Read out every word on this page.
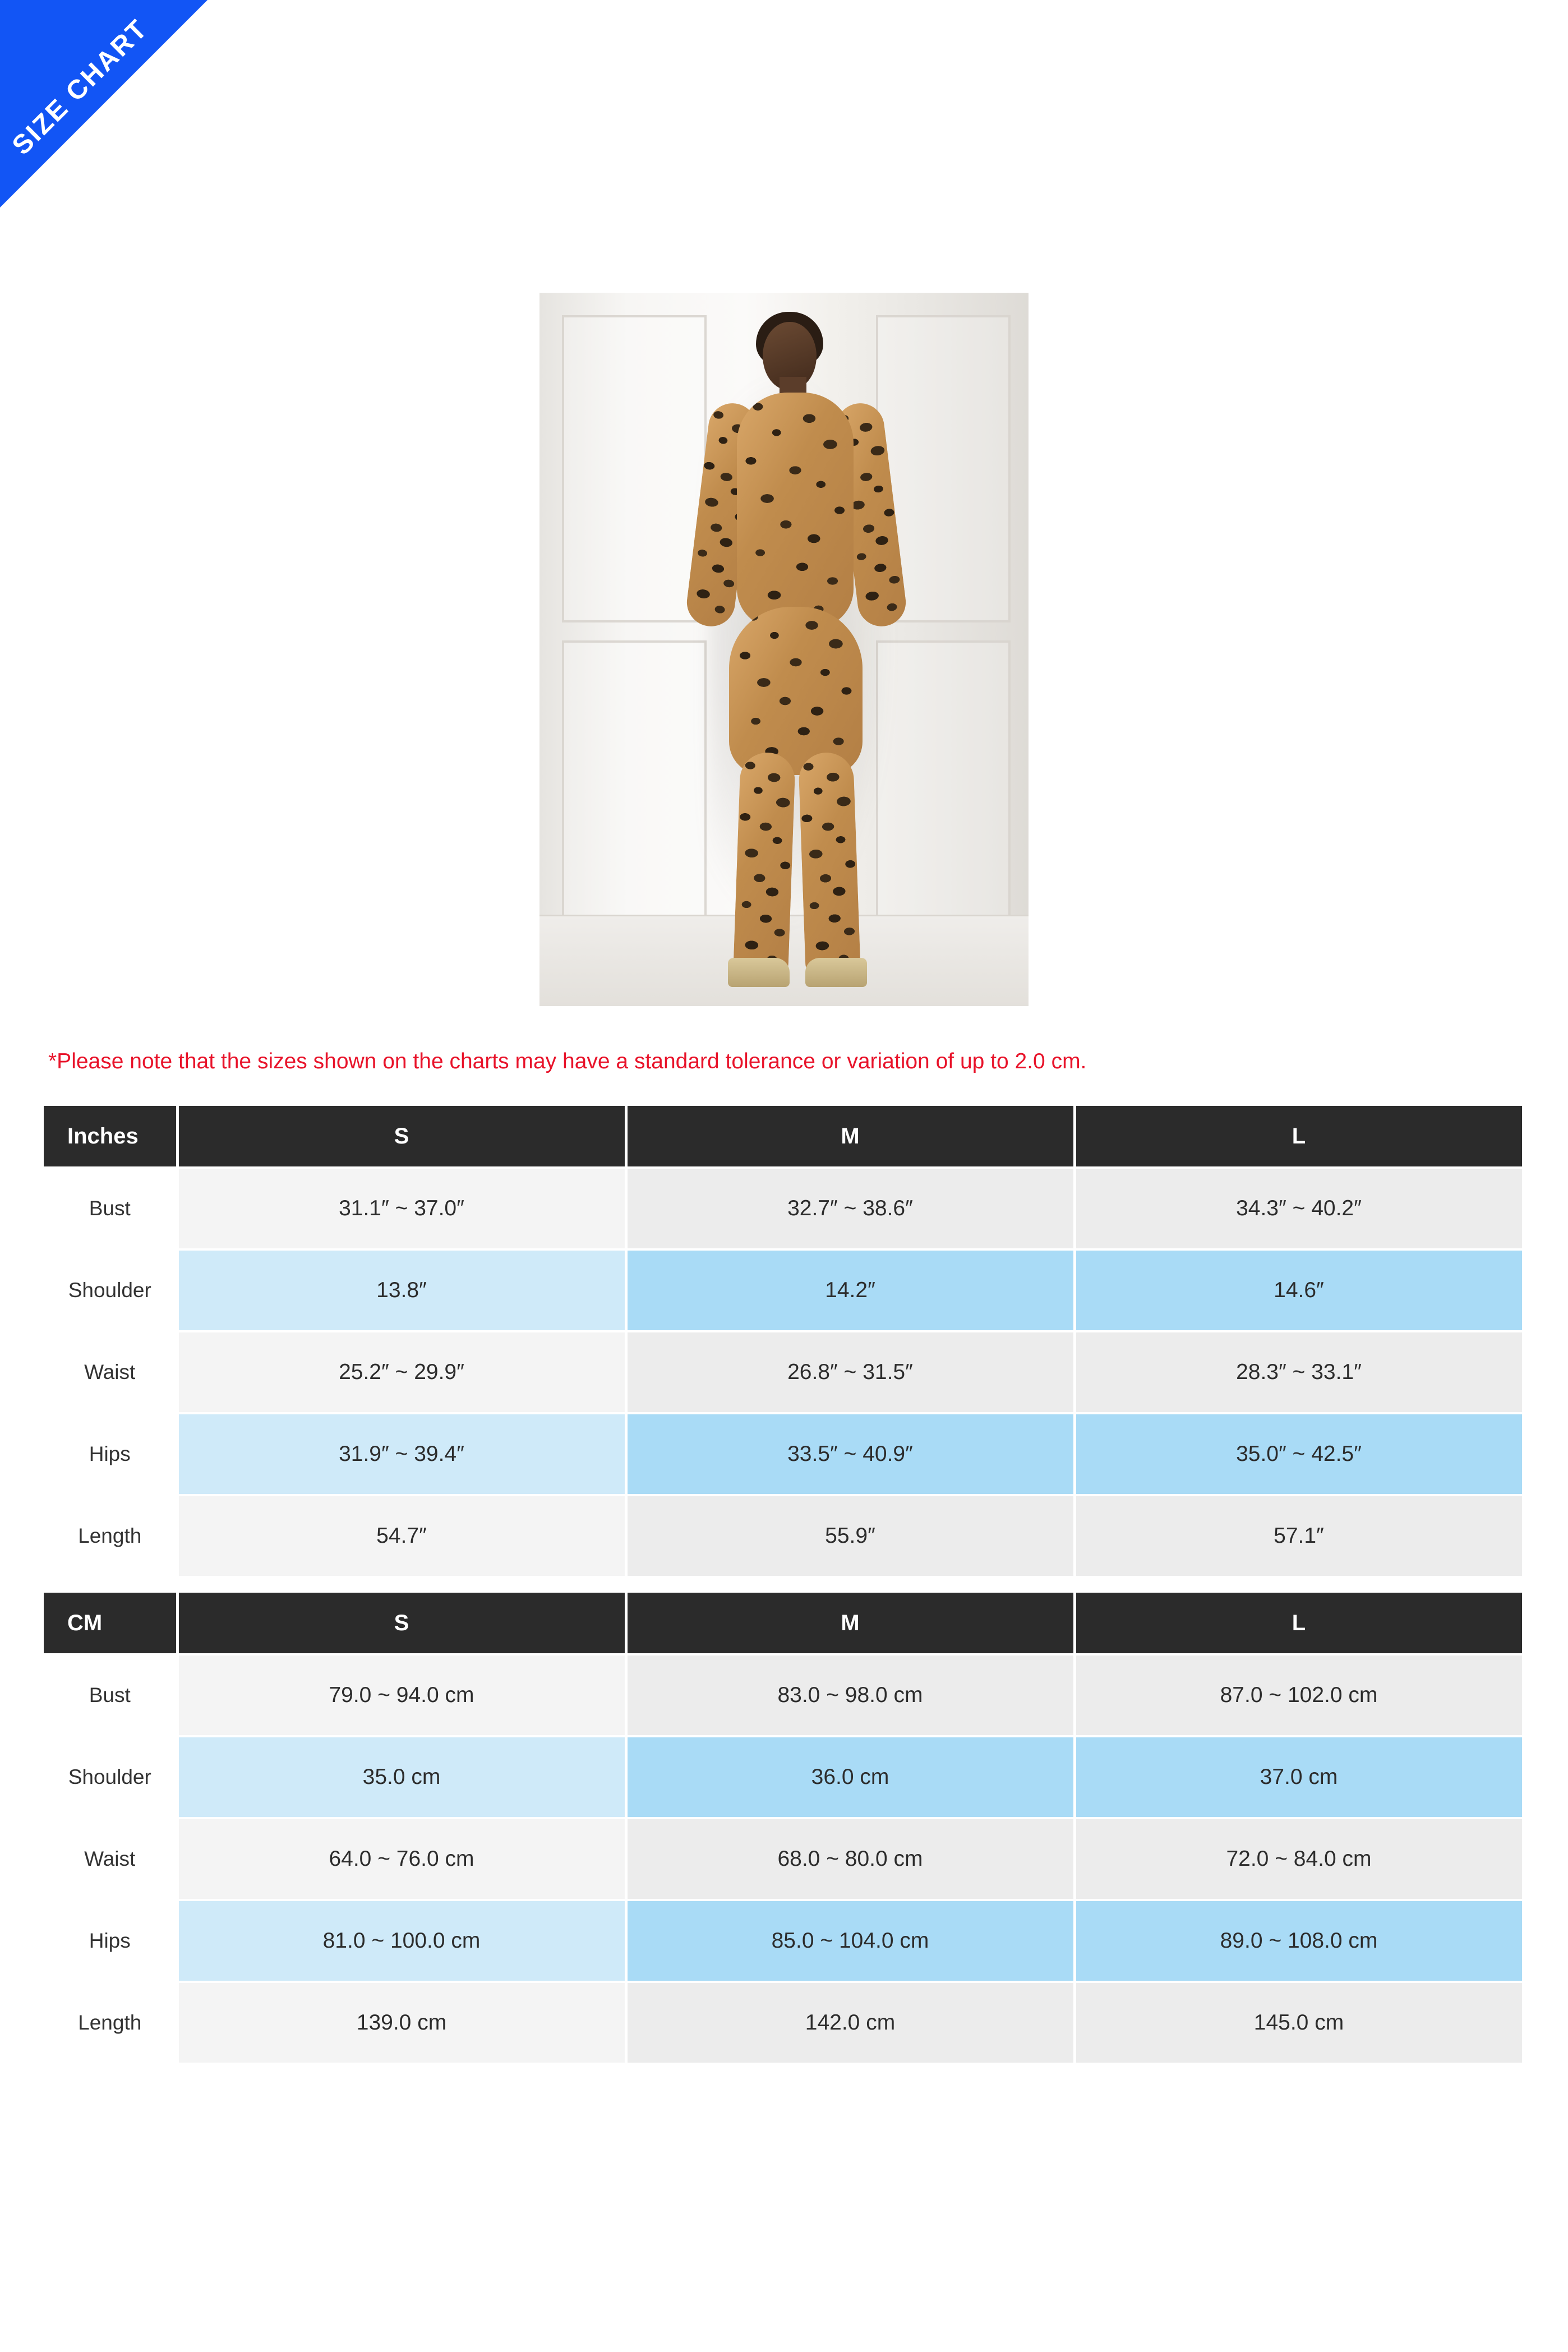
SIZE CHART
*Please note that the sizes shown on the charts may have a standard tolerance or variation of up to 2.0 cm.
Inches	S	M	L
Bust	31.1″ ~ 37.0″	32.7″ ~ 38.6″	34.3″ ~ 40.2″
Shoulder	13.8″	14.2″	14.6″
Waist	25.2″ ~ 29.9″	26.8″ ~ 31.5″	28.3″ ~ 33.1″
Hips	31.9″ ~ 39.4″	33.5″ ~ 40.9″	35.0″ ~ 42.5″
Length	54.7″	55.9″	57.1″
CM	S	M	L
Bust	79.0 ~ 94.0 cm	83.0 ~ 98.0 cm	87.0 ~ 102.0 cm
Shoulder	35.0 cm	36.0 cm	37.0 cm
Waist	64.0 ~ 76.0 cm	68.0 ~ 80.0 cm	72.0 ~ 84.0 cm
Hips	81.0 ~ 100.0 cm	85.0 ~ 104.0 cm	89.0 ~ 108.0 cm
Length	139.0 cm	142.0 cm	145.0 cm
